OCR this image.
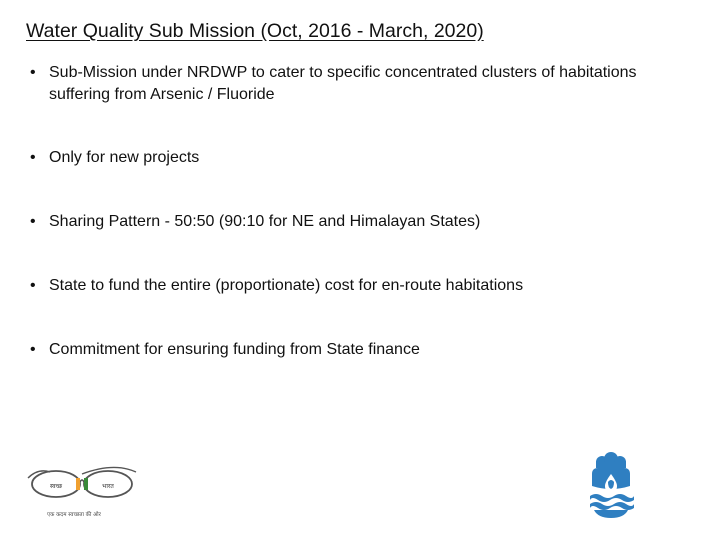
Water Quality Sub Mission (Oct, 2016 - March, 2020)
• Sub-Mission under NRDWP to cater to specific concentrated clusters of habitations suffering from Arsenic / Fluoride
• Only for new projects
• Sharing Pattern - 50:50 (90:10 for NE and Himalayan States)
• State to fund the entire (proportionate) cost for en-route habitations
• Commitment for ensuring funding from State finance
स्वच्छ	भारत
एक कदम स्वच्छता की ओर
